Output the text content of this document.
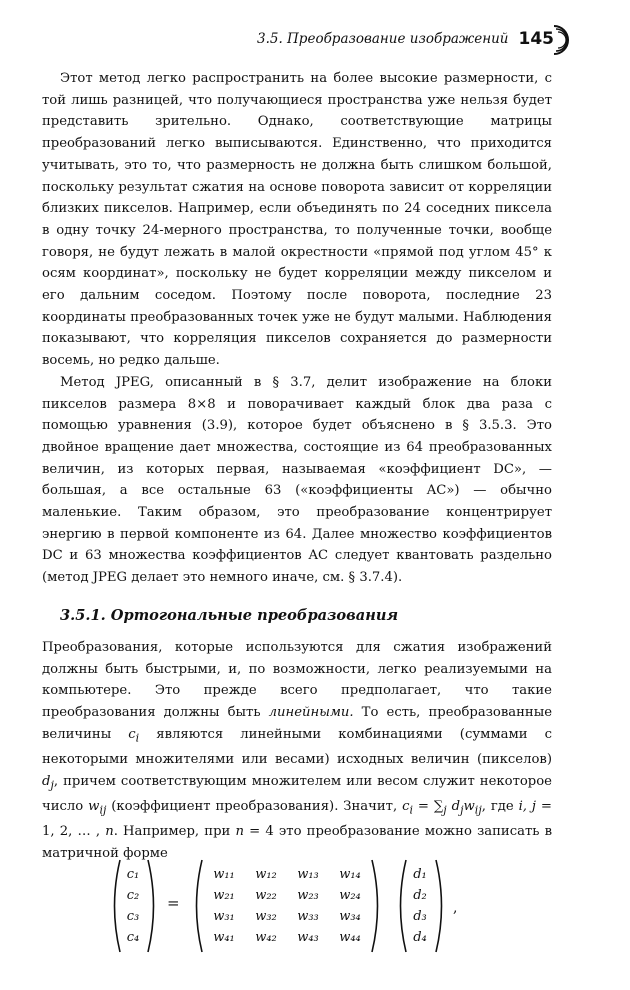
3.5. Преобразование изображений 145

Этот метод легко распространить на более высокие размерности, с той лишь разницей, что получающиеся пространства уже нельзя будет представить зрительно. Однако, соответствующие матрицы преобразований легко выписываются. Единственно, что приходится учитывать, это то, что размерность не должна быть слишком большой, поскольку результат сжатия на основе поворота зависит от корреляции близких пикселов. Например, если объединять по 24 соседних пиксела в одну точку 24-мерного пространства, то полученные точки, вообще говоря, не будут лежать в малой окрестности «прямой под углом 45° к осям координат», поскольку не будет корреляции между пикселом и его дальним соседом. Поэтому после поворота, последние 23 координаты преобразованных точек уже не будут малыми. Наблюдения показывают, что корреляция пикселов сохраняется до размерности восемь, но редко дальше.

Метод JPEG, описанный в § 3.7, делит изображение на блоки пикселов размера 8×8 и поворачивает каждый блок два раза с помощью уравнения (3.9), которое будет объяснено в § 3.5.3. Это двойное вращение дает множества, состоящие из 64 преобразованных величин, из которых первая, называемая «коэффициент DC», — большая, а все остальные 63 («коэффициенты AC») — обычно маленькие. Таким образом, это преобразование концентрирует энергию в первой компоненте из 64. Далее множество коэффициентов DC и 63 множества коэффициентов AC следует квантовать раздельно (метод JPEG делает это немного иначе, см. § 3.7.4).

3.5.1. Ортогональные преобразования

Преобразования, которые используются для сжатия изображений должны быть быстрыми, и, по возможности, легко реализуемыми на компьютере. Это прежде всего предполагает, что такие преобразования должны быть линейными. То есть, преобразованные величины $c_i$ являются линейными комбинациями (суммами с некоторыми множителями или весами) исходных величин (пикселов) $d_j$, причем соответствующим множителем или весом служит некоторое число $w_{ij}$ (коэффициент преобразования). Значит, $c_i = \sum_j$ $d_jw_{ij}$, где i, j = 1, 2, … , n. Например, при n = 4 это преобразование можно записать в матричной форме

c₁
c₂
c₃
c₄
=
w₁₁
w₂₁
w₃₁
w₄₁
w₁₂
w₂₂
w₃₂
w₄₂
w₁₃
w₂₃
w₃₃
w₄₃
w₁₄
w₂₄
w₃₄
w₄₄
d₁
d₂
d₃
d₄
,
